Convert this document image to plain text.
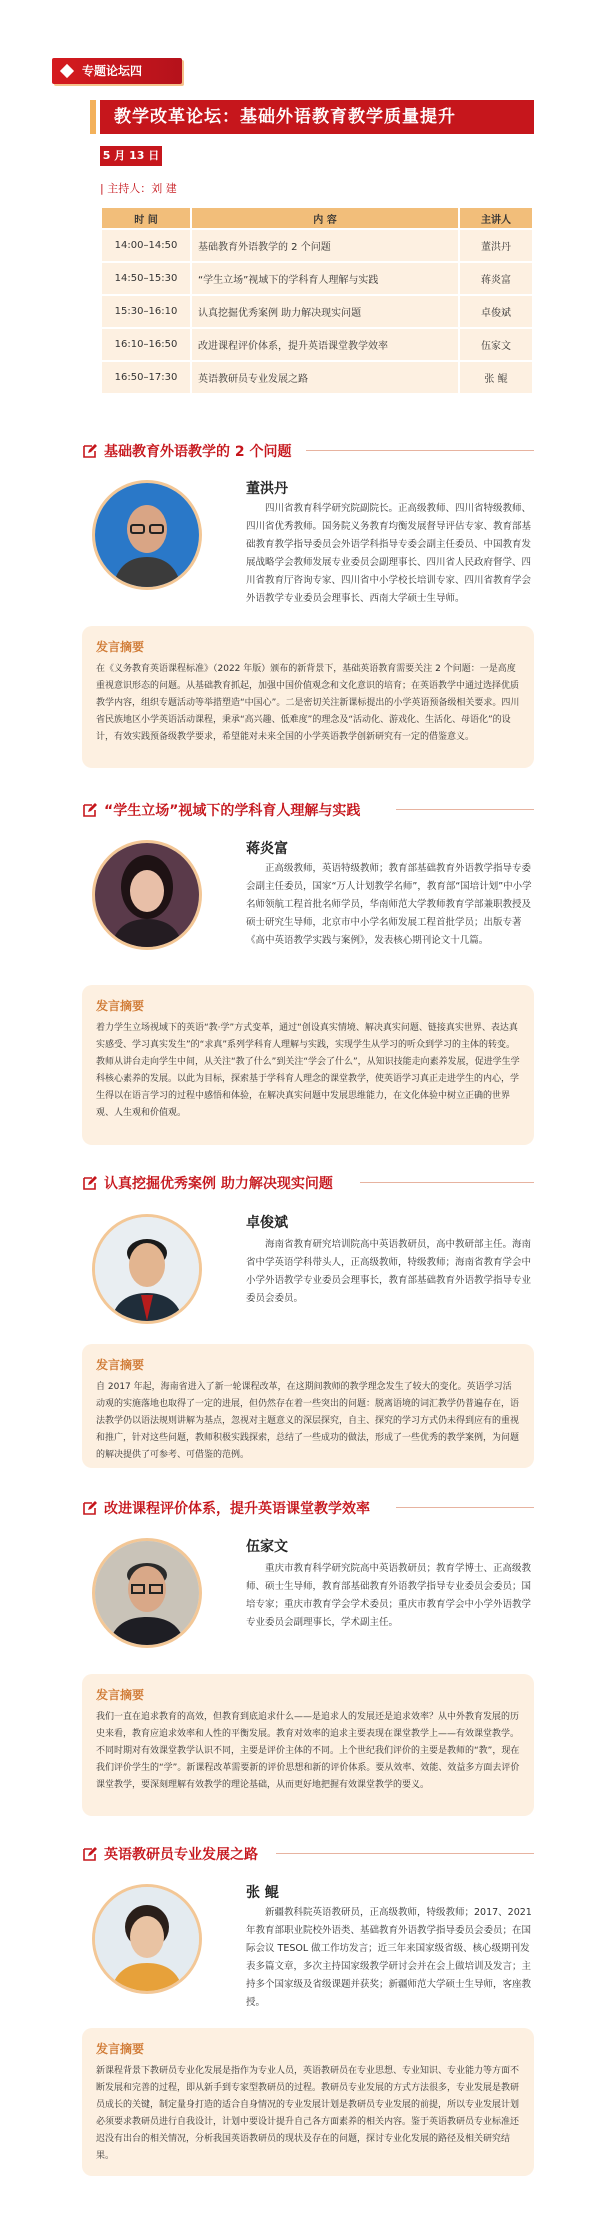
专题论坛四
教学改革论坛：基础外语教育教学质量提升
5 月 13 日
| 主持人：刘 建
时 间	内 容	主讲人
14:00–14:50	基础教育外语教学的 2 个问题	董洪丹
14:50–15:30	“学生立场”视域下的学科育人理解与实践	蒋炎富
15:30–16:10	认真挖掘优秀案例 助力解决现实问题	卓俊斌
16:10–16:50	改进课程评价体系，提升英语课堂教学效率	伍家文
16:50–17:30	英语教研员专业发展之路	张 鲲
基础教育外语教学的 2 个问题
董洪丹
四川省教育科学研究院副院长。正高级教师、四川省特级教师、四川省优秀教师。国务院义务教育均衡发展督导评估专家、教育部基础教育教学指导委员会外语学科指导专委会副主任委员、中国教育发展战略学会教师发展专业委员会副理事长、四川省人民政府督学、四川省教育厅咨询专家、四川省中小学校长培训专家、四川省教育学会外语教学专业委员会理事长、西南大学硕士生导师。
发言摘要
在《义务教育英语课程标准》（2022 年版）颁布的新背景下，基础英语教育需要关注 2 个问题：一是高度重视意识形态的问题。从基础教育抓起，加强中国价值观念和文化意识的培育；在英语教学中通过选择优质教学内容，组织专题活动等举措塑造“中国心”。二是密切关注新课标提出的小学英语预备级相关要求。四川省民族地区小学英语活动课程，秉承“高兴趣、低难度”的理念及“活动化、游戏化、生活化、母语化”的设计，有效实践预备级教学要求，希望能对未来全国的小学英语教学创新研究有一定的借鉴意义。
“学生立场”视域下的学科育人理解与实践
蒋炎富
正高级教师，英语特级教师；教育部基础教育外语教学指导专委会副主任委员，国家“万人计划教学名师”，教育部“国培计划”中小学名师领航工程首批名师学员，华南师范大学教师教育学部兼职教授及硕士研究生导师，北京市中小学名师发展工程首批学员；出版专著《高中英语教学实践与案例》，发表核心期刊论文十几篇。
发言摘要
着力学生立场视域下的英语“教·学”方式变革，通过“创设真实情境、解决真实问题、链接真实世界、表达真实感受、学习真实发生”的“求真”系列学科育人理解与实践，实现学生从学习的听众到学习的主体的转变。教师从讲台走向学生中间，从关注“教了什么”到关注“学会了什么”，从知识技能走向素养发展，促进学生学科核心素养的发展。以此为目标，探索基于学科育人理念的课堂教学，使英语学习真正走进学生的内心，学生得以在语言学习的过程中感悟和体验，在解决真实问题中发展思维能力，在文化体验中树立正确的世界观、人生观和价值观。
认真挖掘优秀案例 助力解决现实问题
卓俊斌
海南省教育研究培训院高中英语教研员，高中教研部主任。海南省中学英语学科带头人，正高级教师，特级教师；海南省教育学会中小学外语教学专业委员会理事长，教育部基础教育外语教学指导专业委员会委员。
发言摘要
自 2017 年起，海南省进入了新一轮课程改革，在这期间教师的教学理念发生了较大的变化。英语学习活动观的实施落地也取得了一定的进展，但仍然存在着一些突出的问题：脱离语境的词汇教学仍普遍存在，语法教学仍以语法规则讲解为基点，忽视对主题意义的深层探究，自主、探究的学习方式仍未得到应有的重视和推广，针对这些问题，教师积极实践探索，总结了一些成功的做法，形成了一些优秀的教学案例，为问题的解决提供了可参考、可借鉴的范例。
改进课程评价体系，提升英语课堂教学效率
伍家文
重庆市教育科学研究院高中英语教研员；教育学博士、正高级教师、硕士生导师，教育部基础教育外语教学指导专业委员会委员；国培专家；重庆市教育学会学术委员；重庆市教育学会中小学外语教学专业委员会副理事长，学术副主任。
发言摘要
我们一直在追求教育的高效，但教育到底追求什么——是追求人的发展还是追求效率？从中外教育发展的历史来看，教育应追求效率和人性的平衡发展。教育对效率的追求主要表现在课堂教学上——有效课堂教学。不同时期对有效课堂教学认识不同，主要是评价主体的不同。上个世纪我们评价的主要是教师的“教”，现在我们评价学生的“学”。新课程改革需要新的评价思想和新的评价体系。要从效率、效能、效益多方面去评价课堂教学，要深刻理解有效教学的理论基础，从而更好地把握有效课堂教学的要义。
英语教研员专业发展之路
张 鲲
新疆教科院英语教研员，正高级教师，特级教师；2017、2021 年教育部职业院校外语类、基础教育外语教学指导委员会委员；在国际会议 TESOL 做工作坊发言；近三年来国家级省级、核心级期刊发表多篇文章，多次主持国家级教学研讨会并在会上做培训及发言；主持多个国家级及省级课题并获奖；新疆师范大学硕士生导师，客座教授。
发言摘要
新课程背景下教研员专业化发展是指作为专业人员，英语教研员在专业思想、专业知识、专业能力等方面不断发展和完善的过程，即从新手到专家型教研员的过程。教研员专业发展的方式方法很多，专业发展是教研员成长的关键，制定量身打造的适合自身情况的专业发展计划是教研员专业发展的前提，所以专业发展计划必须要求教研员进行自我设计，计划中要设计提升自己各方面素养的相关内容。鉴于英语教研员专业标准还迟没有出台的相关情况，分析我国英语教研员的现状及存在的问题，探讨专业化发展的路径及相关研究结果。
